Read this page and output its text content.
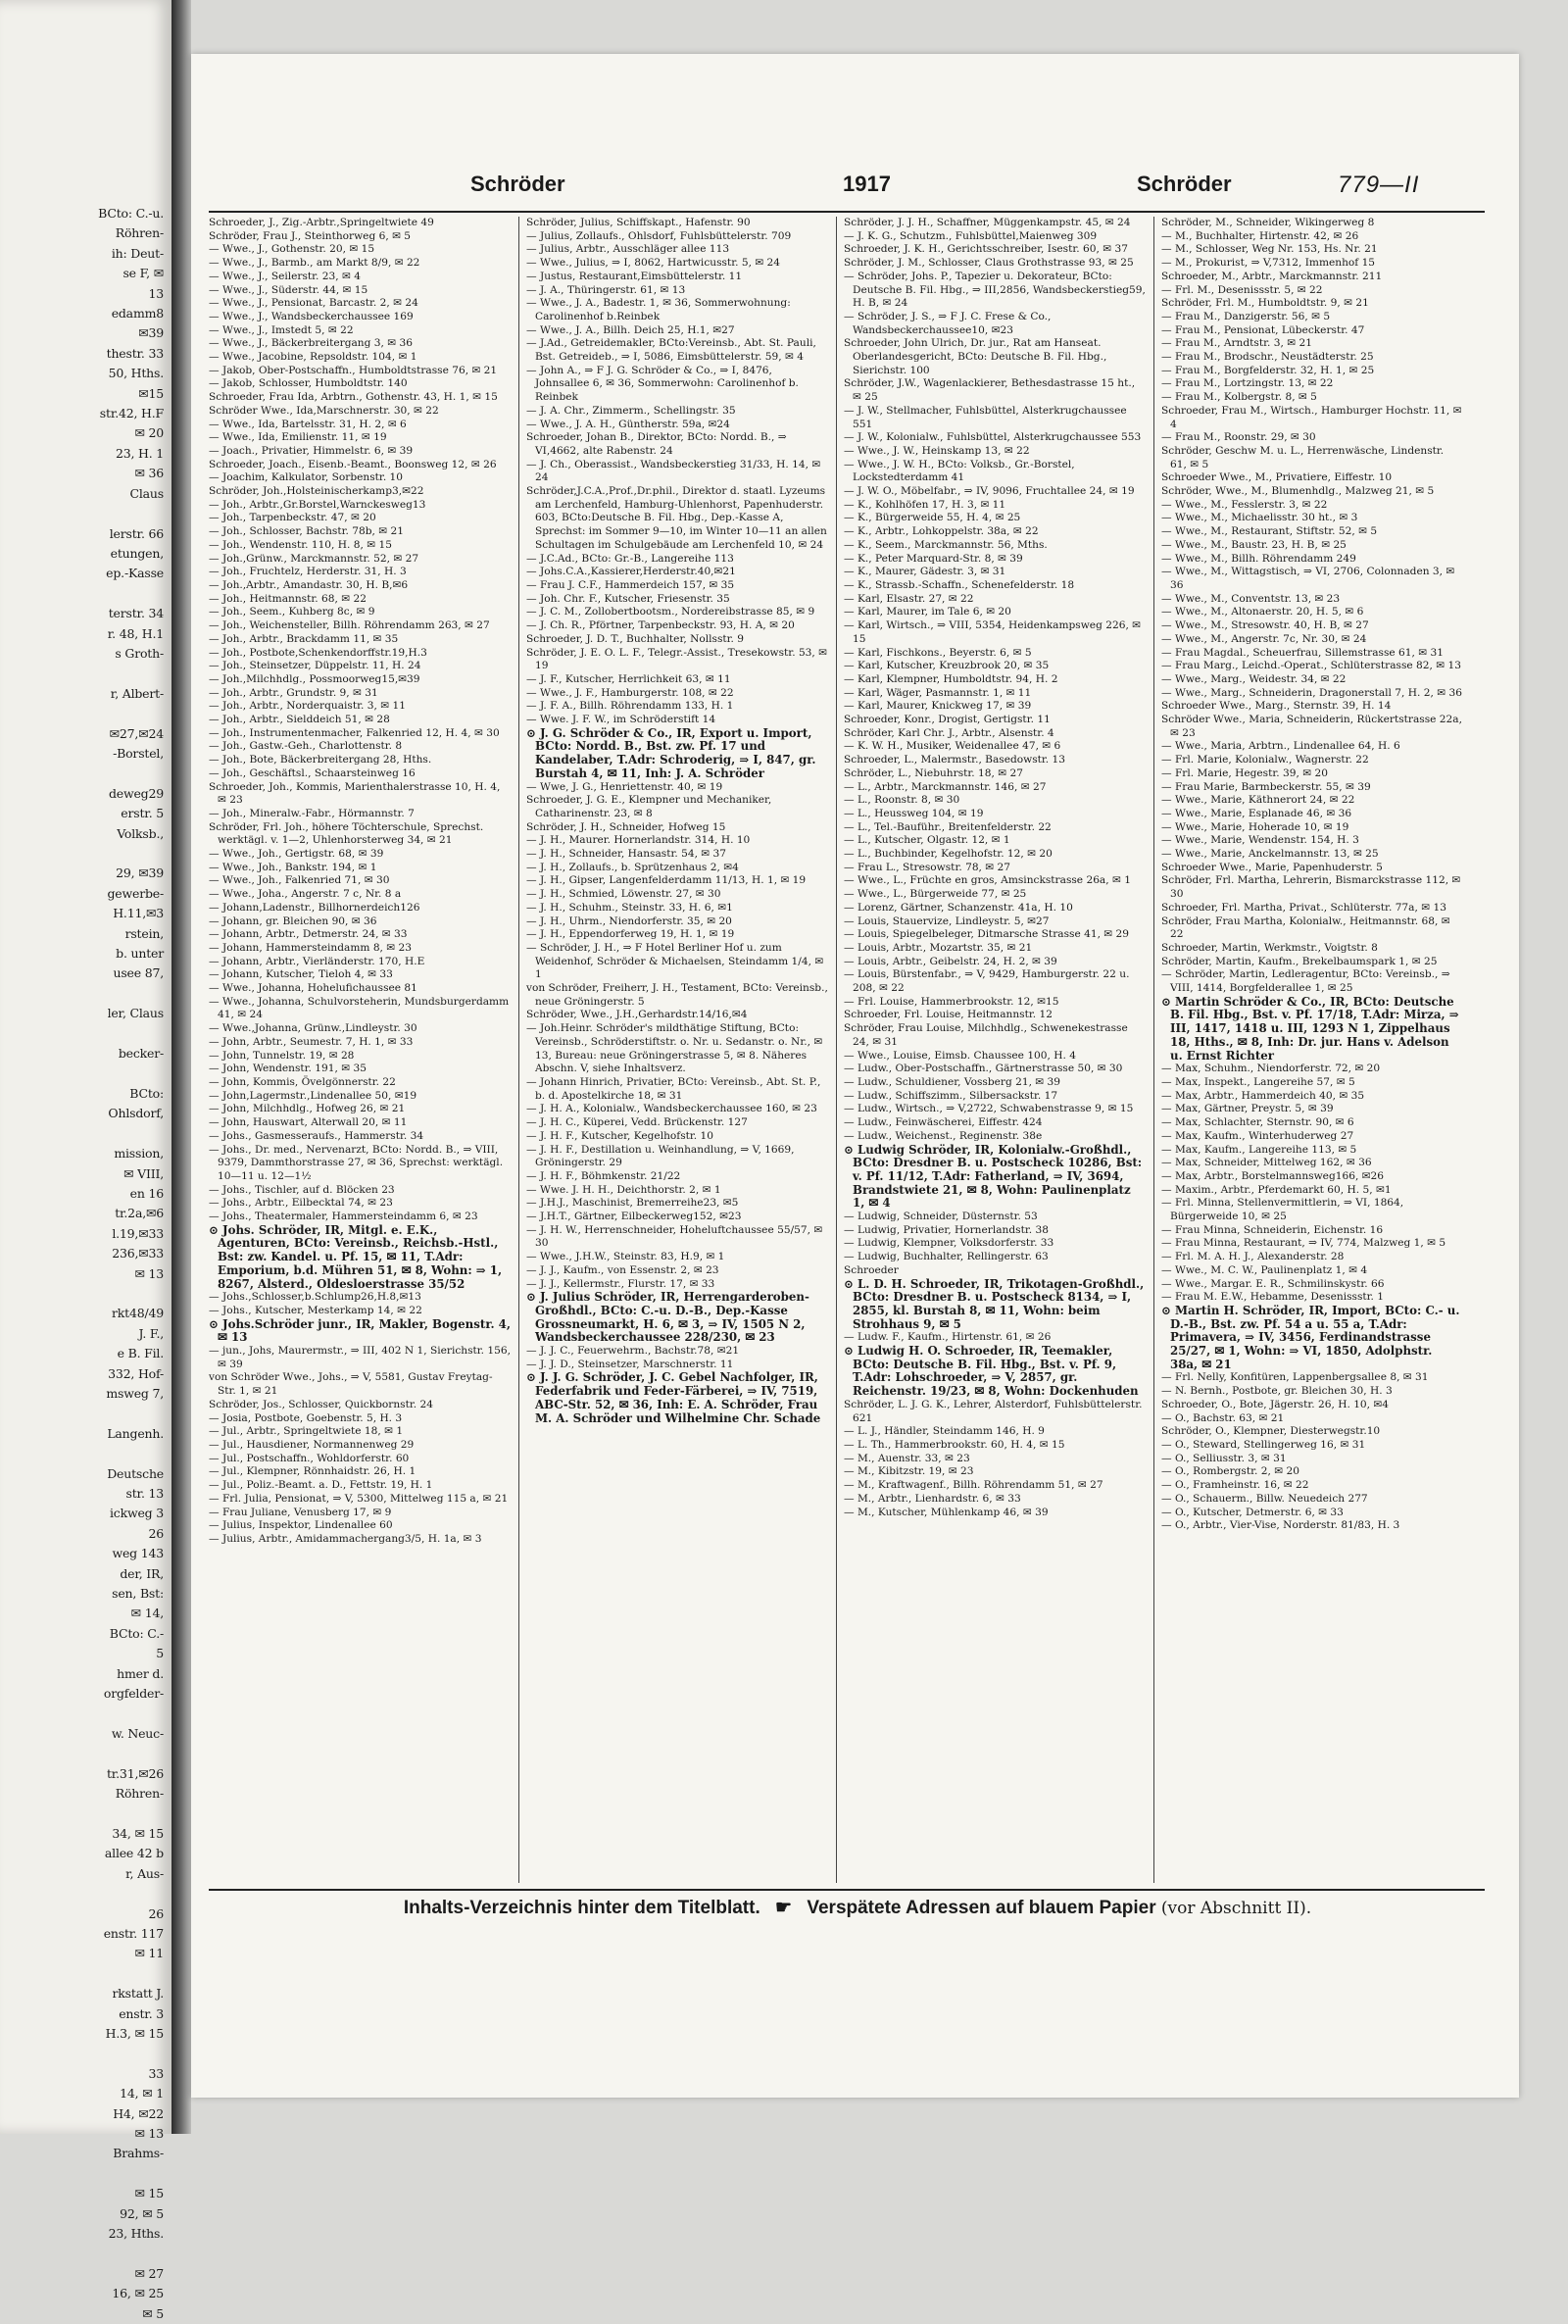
BCto: C.-u.
Röhren-
ih: Deut-
se F, ✉
13
edamm8
✉39
thestr. 33
50, Hths.
✉15
str.42, H.F
✉ 20
23, H. 1
✉ 36
Claus

lerstr. 66
etungen,
ep.-Kasse

terstr. 34
r. 48, H.1
s Groth-

r, Albert-

✉27,✉24
-Borstel,

deweg29
erstr. 5
Volksb.,

29, ✉39
gewerbe-
H.11,✉3
rstein,
b. unter
usee 87,

ler, Claus

becker-

BCto:
Ohlsdorf,

mission,
✉ VIII,
en 16
tr.2a,✉6
l.19,✉33
236,✉33
✉ 13

rkt48/49
J. F.,
e B. Fil.
332, Hof-
msweg 7,

Langenh.

Deutsche
str. 13
ickweg 3
26
weg 143
der, IR,
sen, Bst:
✉ 14,
BCto: C.-
5
hmer d.
orgfelder-

w. Neuc-

tr.31,✉26
Röhren-

34, ✉ 15
allee 42 b
r, Aus-

26
enstr. 117
✉ 11

rkstatt J.
enstr. 3
H.3, ✉ 15

33
14, ✉ 1
H4, ✉22
✉ 13
Brahms-

✉ 15
92, ✉ 5
23, Hths.

✉ 27
16, ✉ 25
✉ 5
Schröder	1917	Schröder	779—II

Schroeder, J., Zig.-Arbtr.,Springeltwiete 49

Schröder, Frau J., Steinthorweg 6, ✉ 5

— Wwe., J., Gothenstr. 20, ✉ 15

— Wwe., J., Barmb., am Markt 8/9, ✉ 22

— Wwe., J., Seilerstr. 23, ✉ 4

— Wwe., J., Süderstr. 44, ✉ 15

— Wwe., J., Pensionat, Barcastr. 2, ✉ 24

— Wwe., J., Wandsbeckerchaussee 169

— Wwe., J., Imstedt 5, ✉ 22

— Wwe., J., Bäckerbreitergang 3, ✉ 36

— Wwe., Jacobine, Repsoldstr. 104, ✉ 1

— Jakob, Ober-Postschaffn., Humboldtstrasse 76, ✉ 21

— Jakob, Schlosser, Humboldtstr. 140

Schroeder, Frau Ida, Arbtrn., Gothenstr. 43, H. 1, ✉ 15

Schröder Wwe., Ida,Marschnerstr. 30, ✉ 22

— Wwe., Ida, Bartelsstr. 31, H. 2, ✉ 6

— Wwe., Ida, Emilienstr. 11, ✉ 19

— Joach., Privatier, Himmelstr. 6, ✉ 39

Schroeder, Joach., Eisenb.-Beamt., Boonsweg 12, ✉ 26

— Joachim, Kalkulator, Sorbenstr. 10

Schröder, Joh.,Holsteinischerkamp3,✉22

— Joh., Arbtr.,Gr.Borstel,Warnckesweg13

— Joh., Tarpenbeckstr. 47, ✉ 20

— Joh., Schlosser, Bachstr. 78b, ✉ 21

— Joh., Wendenstr. 110, H. 8, ✉ 15

— Joh.,Grünw., Marckmannstr. 52, ✉ 27

— Joh., Fruchtelz, Herderstr. 31, H. 3

— Joh.,Arbtr., Amandastr. 30, H. B,✉6

— Joh., Heitmannstr. 68, ✉ 22

— Joh., Seem., Kuhberg 8c, ✉ 9

— Joh., Weichensteller, Billh. Röhrendamm 263, ✉ 27

— Joh., Arbtr., Brackdamm 11, ✉ 35

— Joh., Postbote,Schenkendorffstr.19,H.3

— Joh., Steinsetzer, Düppelstr. 11, H. 24

— Joh.,Milchhdlg., Possmoorweg15,✉39

— Joh., Arbtr., Grundstr. 9, ✉ 31

— Joh., Arbtr., Norderquaistr. 3, ✉ 11

— Joh., Arbtr., Sielddeich 51, ✉ 28

— Joh., Instrumentenmacher, Falkenried 12, H. 4, ✉ 30

— Joh., Gastw.-Geh., Charlottenstr. 8

— Joh., Bote, Bäckerbreitergang 28, Hths.

— Joh., Geschäftsl., Schaarsteinweg 16

Schroeder, Joh., Kommis, Marienthalerstrasse 10, H. 4, ✉ 23

— Joh., Mineralw.-Fabr., Hörmannstr. 7

Schröder, Frl. Joh., höhere Töchterschule, Sprechst. werktägl. v. 1—2, Uhlenhorsterweg 34, ✉ 21

— Wwe., Joh., Gertigstr. 68, ✉ 39

— Wwe., Joh., Bankstr. 194, ✉ 1

— Wwe., Joh., Falkenried 71, ✉ 30

— Wwe., Joha., Angerstr. 7 c, Nr. 8 a

— Johann,Ladenstr., Billhornerdeich126

— Johann, gr. Bleichen 90, ✉ 36

— Johann, Arbtr., Detmerstr. 24, ✉ 33

— Johann, Hammersteindamm 8, ✉ 23

— Johann, Arbtr., Vierländerstr. 170, H.E

— Johann, Kutscher, Tieloh 4, ✉ 33

— Wwe., Johanna, Hohelufichaussee 81

— Wwe., Johanna, Schulvorsteherin, Mundsburgerdamm 41, ✉ 24

— Wwe.,Johanna, Grünw.,Lindleystr. 30

— John, Arbtr., Seumestr. 7, H. 1, ✉ 33

— John, Tunnelstr. 19, ✉ 28

— John, Wendenstr. 191, ✉ 35

— John, Kommis, Övelgönnerstr. 22

— John,Lagermstr.,Lindenallee 50, ✉19

— John, Milchhdlg., Hofweg 26, ✉ 21

— John, Hauswart, Alterwall 20, ✉ 11

— Johs., Gasmesseraufs., Hammerstr. 34

— Johs., Dr. med., Nervenarzt, BCto: Nordd. B., ⇒ VIII, 9379, Dammthorstrasse 27, ✉ 36, Sprechst: werktägl. 10—11 u. 12—1½

— Johs., Tischler, auf d. Blöcken 23

— Johs., Arbtr., Eilbecktal 74, ✉ 23

— Johs., Theatermaler, Hammersteindamm 6, ✉ 23

⊙ Johs. Schröder, IR, Mitgl. e. E.K., Agenturen, BCto: Vereinsb., Reichsb.-Hstl., Bst: zw. Kandel. u. Pf. 15, ✉ 11, T.Adr: Emporium, b.d. Mühren 51, ✉ 8, Wohn: ⇒ 1, 8267, Alsterd., Oldesloerstrasse 35/52

— Johs.,Schlosser,b.Schlump26,H.8,✉13

— Johs., Kutscher, Mesterkamp 14, ✉ 22

⊙ Johs.Schröder junr., IR, Makler, Bogenstr. 4, ✉ 13

— jun., Johs, Maurermstr., ⇒ III, 402 N 1, Sierichstr. 156, ✉ 39

von Schröder Wwe., Johs., ⇒ V, 5581, Gustav Freytag-Str. 1, ✉ 21

Schröder, Jos., Schlosser, Quickbornstr. 24

— Josia, Postbote, Goebenstr. 5, H. 3

— Jul., Arbtr., Springeltwiete 18, ✉ 1

— Jul., Hausdiener, Normannenweg 29

— Jul., Postschaffn., Wohldorferstr. 60

— Jul., Klempner, Rönnhaidstr. 26, H. 1

— Jul., Poliz.-Beamt. a. D., Fettstr. 19, H. 1

— Frl. Julia, Pensionat, ⇒ V, 5300, Mittelweg 115 a, ✉ 21

— Frau Juliane, Venusberg 17, ✉ 9

— Julius, Inspektor, Lindenallee 60

— Julius, Arbtr., Amidammachergang3/5, H. 1a, ✉ 3

Schröder, Julius, Schiffskapt., Hafenstr. 90

— Julius, Zollaufs., Ohlsdorf, Fuhlsbüttelerstr. 709

— Julius, Arbtr., Ausschläger allee 113

— Wwe., Julius, ⇒ I, 8062, Hartwicusstr. 5, ✉ 24

— Justus, Restaurant,Eimsbüttelerstr. 11

— J. A., Thüringerstr. 61, ✉ 13

— Wwe., J. A., Badestr. 1, ✉ 36, Sommerwohnung: Carolinenhof b.Reinbek

— Wwe., J. A., Billh. Deich 25, H.1, ✉27

— J.Ad., Getreidemakler, BCto:Vereinsb., Abt. St. Pauli, Bst. Getreideb., ⇒ I, 5086, Eimsbüttelerstr. 59, ✉ 4

— John A., ⇒ F J. G. Schröder & Co., ⇒ I, 8476, Johnsallee 6, ✉ 36, Sommerwohn: Carolinenhof b. Reinbek

— J. A. Chr., Zimmerm., Schellingstr. 35

— Wwe., J. A. H., Güntherstr. 59a, ✉24

Schroeder, Johan B., Direktor, BCto: Nordd. B., ⇒ VI,4662, alte Rabenstr. 24

— J. Ch., Oberassist., Wandsbeckerstieg 31/33, H. 14, ✉ 24

Schröder,J.C.A.,Prof.,Dr.phil., Direktor d. staatl. Lyzeums am Lerchenfeld, Hamburg-Uhlenhorst, Papenhuderstr. 603, BCto:Deutsche B. Fil. Hbg., Dep.-Kasse A, Sprechst: im Sommer 9—10, im Winter 10—11 an allen Schultagen im Schulgebäude am Lerchenfeld 10, ✉ 24

— J.C.Ad., BCto: Gr.-B., Langereihe 113

— Johs.C.A.,Kassierer,Herderstr.40,✉21

— Frau J. C.F., Hammerdeich 157, ✉ 35

— Joh. Chr. F., Kutscher, Friesenstr. 35

— J. C. M., Zollobertbootsm., Nordereibstrasse 85, ✉ 9

— J. Ch. R., Pförtner, Tarpenbeckstr. 93, H. A, ✉ 20

Schroeder, J. D. T., Buchhalter, Nollsstr. 9

Schröder, J. E. O. L. F., Telegr.-Assist., Tresekowstr. 53, ✉ 19

— J. F., Kutscher, Herrlichkeit 63, ✉ 11

— Wwe., J. F., Hamburgerstr. 108, ✉ 22

— J. F. A., Billh. Röhrendamm 133, H. 1

— Wwe. J. F. W., im Schröderstift 14

⊙ J. G. Schröder & Co., IR, Export u. Import, BCto: Nordd. B., Bst. zw. Pf. 17 und Kandelaber, T.Adr: Schroderig, ⇒ I, 847, gr. Burstah 4, ✉ 11, Inh: J. A. Schröder

— Wwe, J. G., Henriettenstr. 40, ✉ 19

Schroeder, J. G. E., Klempner und Mechaniker, Catharinenstr. 23, ✉ 8

Schröder, J. H., Schneider, Hofweg 15

— J. H., Maurer. Hornerlandstr. 314, H. 10

— J. H., Schneider, Hansastr. 54, ✉ 37

— J. H., Zollaufs., b. Sprützenhaus 2, ✉4

— J. H., Gipser, Langenfelderdamm 11/13, H. 1, ✉ 19

— J. H., Schmied, Löwenstr. 27, ✉ 30

— J. H., Schuhm., Steinstr. 33, H. 6, ✉1

— J. H., Uhrm., Niendorferstr. 35, ✉ 20

— J. H., Eppendorferweg 19, H. 1, ✉ 19

— Schröder, J. H., ⇒ F Hotel Berliner Hof u. zum Weidenhof, Schröder & Michaelsen, Steindamm 1/4, ✉ 1

von Schröder, Freiherr, J. H., Testament, BCto: Vereinsb., neue Gröningerstr. 5

Schröder, Wwe., J.H.,Gerhardstr.14/16,✉4

— Joh.Heinr. Schröder's mildthätige Stiftung, BCto: Vereinsb., Schröderstiftstr. o. Nr. u. Sedanstr. o. Nr., ✉ 13, Bureau: neue Gröningerstrasse 5, ✉ 8. Näheres Abschn. V, siehe Inhaltsverz.

— Johann Hinrich, Privatier, BCto: Vereinsb., Abt. St. P., b. d. Apostelkirche 18, ✉ 31

— J. H. A., Kolonialw., Wandsbeckerchaussee 160, ✉ 23

— J. H. C., Küperei, Vedd. Brückenstr. 127

— J. H. F., Kutscher, Kegelhofstr. 10

— J. H. F., Destillation u. Weinhandlung, ⇒ V, 1669, Gröningerstr. 29

— J. H. F., Böhmkenstr. 21/22

— Wwe. J. H. H., Deichthorstr. 2, ✉ 1

— J.H.J., Maschinist, Bremerreihe23, ✉5

— J.H.T., Gärtner, Eilbeckerweg152, ✉23

— J. H. W., Herrenschneider, Hoheluftchaussee 55/57, ✉ 30

— Wwe., J.H.W., Steinstr. 83, H.9, ✉ 1

— J. J., Kaufm., von Essenstr. 2, ✉ 23

— J. J., Kellermstr., Flurstr. 17, ✉ 33

⊙ J. Julius Schröder, IR, Herrengarderoben-Großhdl., BCto: C.-u. D.-B., Dep.-Kasse Grossneumarkt, H. 6, ✉ 3, ⇒ IV, 1505 N 2, Wandsbeckerchaussee 228/230, ✉ 23

— J. J. C., Feuerwehrm., Bachstr.78, ✉21

— J. J. D., Steinsetzer, Marschnerstr. 11

⊙ J. J. G. Schröder, J. C. Gebel Nachfolger, IR, Federfabrik und Feder-Färberei, ⇒ IV, 7519, ABC-Str. 52, ✉ 36, Inh: E. A. Schröder, Frau M. A. Schröder und Wilhelmine Chr. Schade

Schröder, J. J. H., Schaffner, Müggenkampstr. 45, ✉ 24

— J. K. G., Schutzm., Fuhlsbüttel,Maienweg 309

Schroeder, J. K. H., Gerichtsschreiber, Isestr. 60, ✉ 37

Schröder, J. M., Schlosser, Claus Grothstrasse 93, ✉ 25

— Schröder, Johs. P., Tapezier u. Dekorateur, BCto: Deutsche B. Fil. Hbg., ⇒ III,2856, Wandsbeckerstieg59, H. B, ✉ 24

— Schröder, J. S., ⇒ F J. C. Frese & Co., Wandsbeckerchaussee10, ✉23

Schroeder, John Ulrich, Dr. jur., Rat am Hanseat. Oberlandesgericht, BCto: Deutsche B. Fil. Hbg., Sierichstr. 100

Schröder, J.W., Wagenlackierer, Bethesdastrasse 15 ht., ✉ 25

— J. W., Stellmacher, Fuhlsbüttel, Alsterkrugchaussee 551

— J. W., Kolonialw., Fuhlsbüttel, Alsterkrugchaussee 553

— Wwe., J. W., Heinskamp 13, ✉ 22

— Wwe., J. W. H., BCto: Volksb., Gr.-Borstel, Lockstedterdamm 41

— J. W. O., Möbelfabr., ⇒ IV, 9096, Fruchtallee 24, ✉ 19

— K., Kohlhöfen 17, H. 3, ✉ 11

— K., Bürgerweide 55, H. 4, ✉ 25

— K., Arbtr., Lohkoppelstr. 38a, ✉ 22

— K., Seem., Marckmannstr. 56, Mths.

— K., Peter Marquard-Str. 8, ✉ 39

— K., Maurer, Gädestr. 3, ✉ 31

— K., Strassb.-Schaffn., Schenefelderstr. 18

— Karl, Elsastr. 27, ✉ 22

— Karl, Maurer, im Tale 6, ✉ 20

— Karl, Wirtsch., ⇒ VIII, 5354, Heidenkampsweg 226, ✉ 15

— Karl, Fischkons., Beyerstr. 6, ✉ 5

— Karl, Kutscher, Kreuzbrook 20, ✉ 35

— Karl, Klempner, Humboldtstr. 94, H. 2

— Karl, Wäger, Pasmannstr. 1, ✉ 11

— Karl, Maurer, Knickweg 17, ✉ 39

Schroeder, Konr., Drogist, Gertigstr. 11

Schröder, Karl Chr. J., Arbtr., Alsenstr. 4

— K. W. H., Musiker, Weidenallee 47, ✉ 6

Schroeder, L., Malermstr., Basedowstr. 13

Schröder, L., Niebuhrstr. 18, ✉ 27

— L., Arbtr., Marckmannstr. 146, ✉ 27

— L., Roonstr. 8, ✉ 30

— L., Heussweg 104, ✉ 19

— L., Tel.-Bauführ., Breitenfelderstr. 22

— L., Kutscher, Olgastr. 12, ✉ 1

— L., Buchbinder, Kegelhofstr. 12, ✉ 20

— Frau L., Stresowstr. 78, ✉ 27

— Wwe., L., Früchte en gros, Amsinckstrasse 26a, ✉ 1

— Wwe., L., Bürgerweide 77, ✉ 25

— Lorenz, Gärtner, Schanzenstr. 41a, H. 10

— Louis, Stauervize, Lindleystr. 5, ✉27

— Louis, Spiegelbeleger, Ditmarsche Strasse 41, ✉ 29

— Louis, Arbtr., Mozartstr. 35, ✉ 21

— Louis, Arbtr., Geibelstr. 24, H. 2, ✉ 39

— Louis, Bürstenfabr., ⇒ V, 9429, Hamburgerstr. 22 u. 208, ✉ 22

— Frl. Louise, Hammerbrookstr. 12, ✉15

Schroeder, Frl. Louise, Heitmannstr. 12

Schröder, Frau Louise, Milchhdlg., Schwenekestrasse 24, ✉ 31

— Wwe., Louise, Eimsb. Chaussee 100, H. 4

— Ludw., Ober-Postschaffn., Gärtnerstrasse 50, ✉ 30

— Ludw., Schuldiener, Vossberg 21, ✉ 39

— Ludw., Schiffszimm., Silbersackstr. 17

— Ludw., Wirtsch., ⇒ V,2722, Schwabenstrasse 9, ✉ 15

— Ludw., Feinwäscherei, Eiffestr. 424

— Ludw., Weichenst., Reginenstr. 38e

⊙ Ludwig Schröder, IR, Kolonialw.-Großhdl., BCto: Dresdner B. u. Postscheck 10286, Bst: v. Pf. 11/12, T.Adr: Fatherland, ⇒ IV, 3694, Brandstwiete 21, ✉ 8, Wohn: Paulinenplatz 1, ✉ 4

— Ludwig, Schneider, Düsternstr. 53

— Ludwig, Privatier, Hornerlandstr. 38

— Ludwig, Klempner, Volksdorferstr. 33

— Ludwig, Buchhalter, Rellingerstr. 63

Schroeder

⊙ L. D. H. Schroeder, IR, Trikotagen-Großhdl., BCto: Dresdner B. u. Postscheck 8134, ⇒ I, 2855, kl. Burstah 8, ✉ 11, Wohn: beim Strohhaus 9, ✉ 5

— Ludw. F., Kaufm., Hirtenstr. 61, ✉ 26

⊙ Ludwig H. O. Schroeder, IR, Teemakler, BCto: Deutsche B. Fil. Hbg., Bst. v. Pf. 9, T.Adr: Lohschroeder, ⇒ V, 2857, gr. Reichenstr. 19/23, ✉ 8, Wohn: Dockenhuden

Schröder, L. J. G. K., Lehrer, Alsterdorf, Fuhlsbüttelerstr. 621

— L. J., Händler, Steindamm 146, H. 9

— L. Th., Hammerbrookstr. 60, H. 4, ✉ 15

— M., Auenstr. 33, ✉ 23

— M., Kibitzstr. 19, ✉ 23

— M., Kraftwagenf., Billh. Röhrendamm 51, ✉ 27

— M., Arbtr., Lienhardstr. 6, ✉ 33

— M., Kutscher, Mühlenkamp 46, ✉ 39

Schröder, M., Schneider, Wikingerweg 8

— M., Buchhalter, Hirtenstr. 42, ✉ 26

— M., Schlosser, Weg Nr. 153, Hs. Nr. 21

— M., Prokurist, ⇒ V,7312, Immenhof 15

Schroeder, M., Arbtr., Marckmannstr. 211

— Frl. M., Desenissstr. 5, ✉ 22

Schröder, Frl. M., Humboldtstr. 9, ✉ 21

— Frau M., Danzigerstr. 56, ✉ 5

— Frau M., Pensionat, Lübeckerstr. 47

— Frau M., Arndtstr. 3, ✉ 21

— Frau M., Brodschr., Neustädterstr. 25

— Frau M., Borgfelderstr. 32, H. 1, ✉ 25

— Frau M., Lortzingstr. 13, ✉ 22

— Frau M., Kolbergstr. 8, ✉ 5

Schroeder, Frau M., Wirtsch., Hamburger Hochstr. 11, ✉ 4

— Frau M., Roonstr. 29, ✉ 30

Schröder, Geschw M. u. L., Herrenwäsche, Lindenstr. 61, ✉ 5

Schroeder Wwe., M., Privatiere, Eiffestr. 10

Schröder, Wwe., M., Blumenhdlg., Malzweg 21, ✉ 5

— Wwe., M., Fesslerstr. 3, ✉ 22

— Wwe., M., Michaelisstr. 30 ht., ✉ 3

— Wwe., M., Restaurant, Stiftstr. 52, ✉ 5

— Wwe., M., Baustr. 23, H. B, ✉ 25

— Wwe., M., Billh. Röhrendamm 249

— Wwe., M., Wittagstisch, ⇒ VI, 2706, Colonnaden 3, ✉ 36

— Wwe., M., Conventstr. 13, ✉ 23

— Wwe., M., Altonaerstr. 20, H. 5, ✉ 6

— Wwe., M., Stresowstr. 40, H. B, ✉ 27

— Wwe., M., Angerstr. 7c, Nr. 30, ✉ 24

— Frau Magdal., Scheuerfrau, Sillemstrasse 61, ✉ 31

— Frau Marg., Leichd.-Operat., Schlüterstrasse 82, ✉ 13

— Wwe., Marg., Weidestr. 34, ✉ 22

— Wwe., Marg., Schneiderin, Dragonerstall 7, H. 2, ✉ 36

Schroeder Wwe., Marg., Sternstr. 39, H. 14

Schröder Wwe., Maria, Schneiderin, Rückertstrasse 22a, ✉ 23

— Wwe., Maria, Arbtrn., Lindenallee 64, H. 6

— Frl. Marie, Kolonialw., Wagnerstr. 22

— Frl. Marie, Hegestr. 39, ✉ 20

— Frau Marie, Barmbeckerstr. 55, ✉ 39

— Wwe., Marie, Käthnerort 24, ✉ 22

— Wwe., Marie, Esplanade 46, ✉ 36

— Wwe., Marie, Hoherade 10, ✉ 19

— Wwe., Marie, Wendenstr. 154, H. 3

— Wwe., Marie, Anckelmannstr. 13, ✉ 25

Schroeder Wwe., Marie, Papenhuderstr. 5

Schröder, Frl. Martha, Lehrerin, Bismarckstrasse 112, ✉ 30

Schroeder, Frl. Martha, Privat., Schlüterstr. 77a, ✉ 13

Schröder, Frau Martha, Kolonialw., Heitmannstr. 68, ✉ 22

Schroeder, Martin, Werkmstr., Voigtstr. 8

Schröder, Martin, Kaufm., Brekelbaumspark 1, ✉ 25

— Schröder, Martin, Ledleragentur, BCto: Vereinsb., ⇒ VIII, 1414, Borgfelderallee 1, ✉ 25

⊙ Martin Schröder & Co., IR, BCto: Deutsche B. Fil. Hbg., Bst. v. Pf. 17/18, T.Adr: Mirza, ⇒ III, 1417, 1418 u. III, 1293 N 1, Zippelhaus 18, Hths., ✉ 8, Inh: Dr. jur. Hans v. Adelson u. Ernst Richter

— Max, Schuhm., Niendorferstr. 72, ✉ 20

— Max, Inspekt., Langereihe 57, ✉ 5

— Max, Arbtr., Hammerdeich 40, ✉ 35

— Max, Gärtner, Preystr. 5, ✉ 39

— Max, Schlachter, Sternstr. 90, ✉ 6

— Max, Kaufm., Winterhuderweg 27

— Max, Kaufm., Langereihe 113, ✉ 5

— Max, Schneider, Mittelweg 162, ✉ 36

— Max, Arbtr., Borstelmannsweg166, ✉26

— Maxim., Arbtr., Pferdemarkt 60, H. 5, ✉1

— Frl. Minna, Stellenvermittlerin, ⇒ VI, 1864, Bürgerweide 10, ✉ 25

— Frau Minna, Schneiderin, Eichenstr. 16

— Frau Minna, Restaurant, ⇒ IV, 774, Malzweg 1, ✉ 5

— Frl. M. A. H. J., Alexanderstr. 28

— Wwe., M. C. W., Paulinenplatz 1, ✉ 4

— Wwe., Margar. E. R., Schmilinskystr. 66

— Frau M. E.W., Hebamme, Desenissstr. 1

⊙ Martin H. Schröder, IR, Import, BCto: C.- u. D.-B., Bst. zw. Pf. 54 a u. 55 a, T.Adr: Primavera, ⇒ IV, 3456, Ferdinandstrasse 25/27, ✉ 1, Wohn: ⇒ VI, 1850, Adolphstr. 38a, ✉ 21

— Frl. Nelly, Konfitüren, Lappenbergsallee 8, ✉ 31

— N. Bernh., Postbote, gr. Bleichen 30, H. 3

Schroeder, O., Bote, Jägerstr. 26, H. 10, ✉4

— O., Bachstr. 63, ✉ 21

Schröder, O., Klempner, Diesterwegstr.10

— O., Steward, Stellingerweg 16, ✉ 31

— O., Selliusstr. 3, ✉ 31

— O., Rombergstr. 2, ✉ 20

— O., Framheinstr. 16, ✉ 22

— O., Schauerm., Billw. Neuedeich 277

— O., Kutscher, Detmerstr. 6, ✉ 33

— O., Arbtr., Vier-Vise, Norderstr. 81/83, H. 3

Inhalts-Verzeichnis hinter dem Titelblatt. ☛ Verspätete Adressen auf blauem Papier (vor Abschnitt II).
